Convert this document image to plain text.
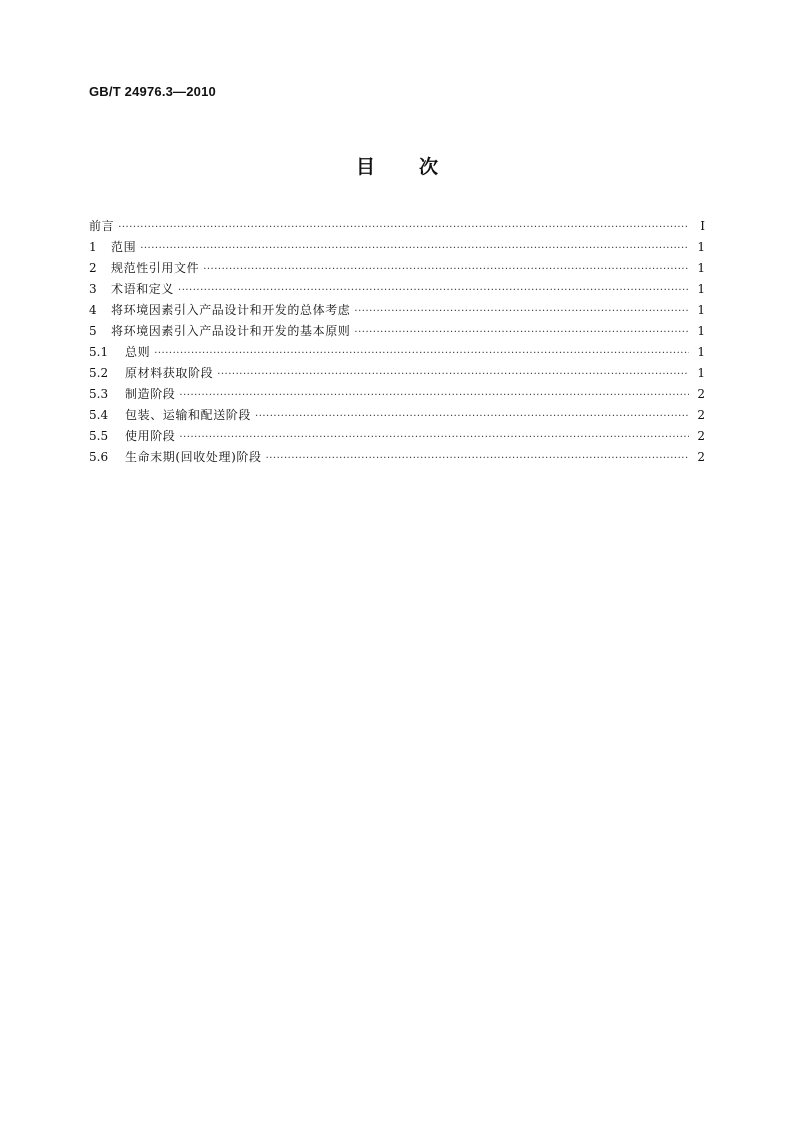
GB/T 24976.3—2010
目 次
前言 ·····	I
1	范围 ·····	1
2	规范性引用文件 ·····	1
3	术语和定义 ·····	1
4	将环境因素引入产品设计和开发的总体考虑 ·····	1
5	将环境因素引入产品设计和开发的基本原则 ·····	1
5.1	总则 ·····	1
5.2	原材料获取阶段 ·····	1
5.3	制造阶段 ·····	2
5.4	包装、运输和配送阶段 ·····	2
5.5	使用阶段 ·····	2
5.6	生命末期(回收处理)阶段 ·····	2
